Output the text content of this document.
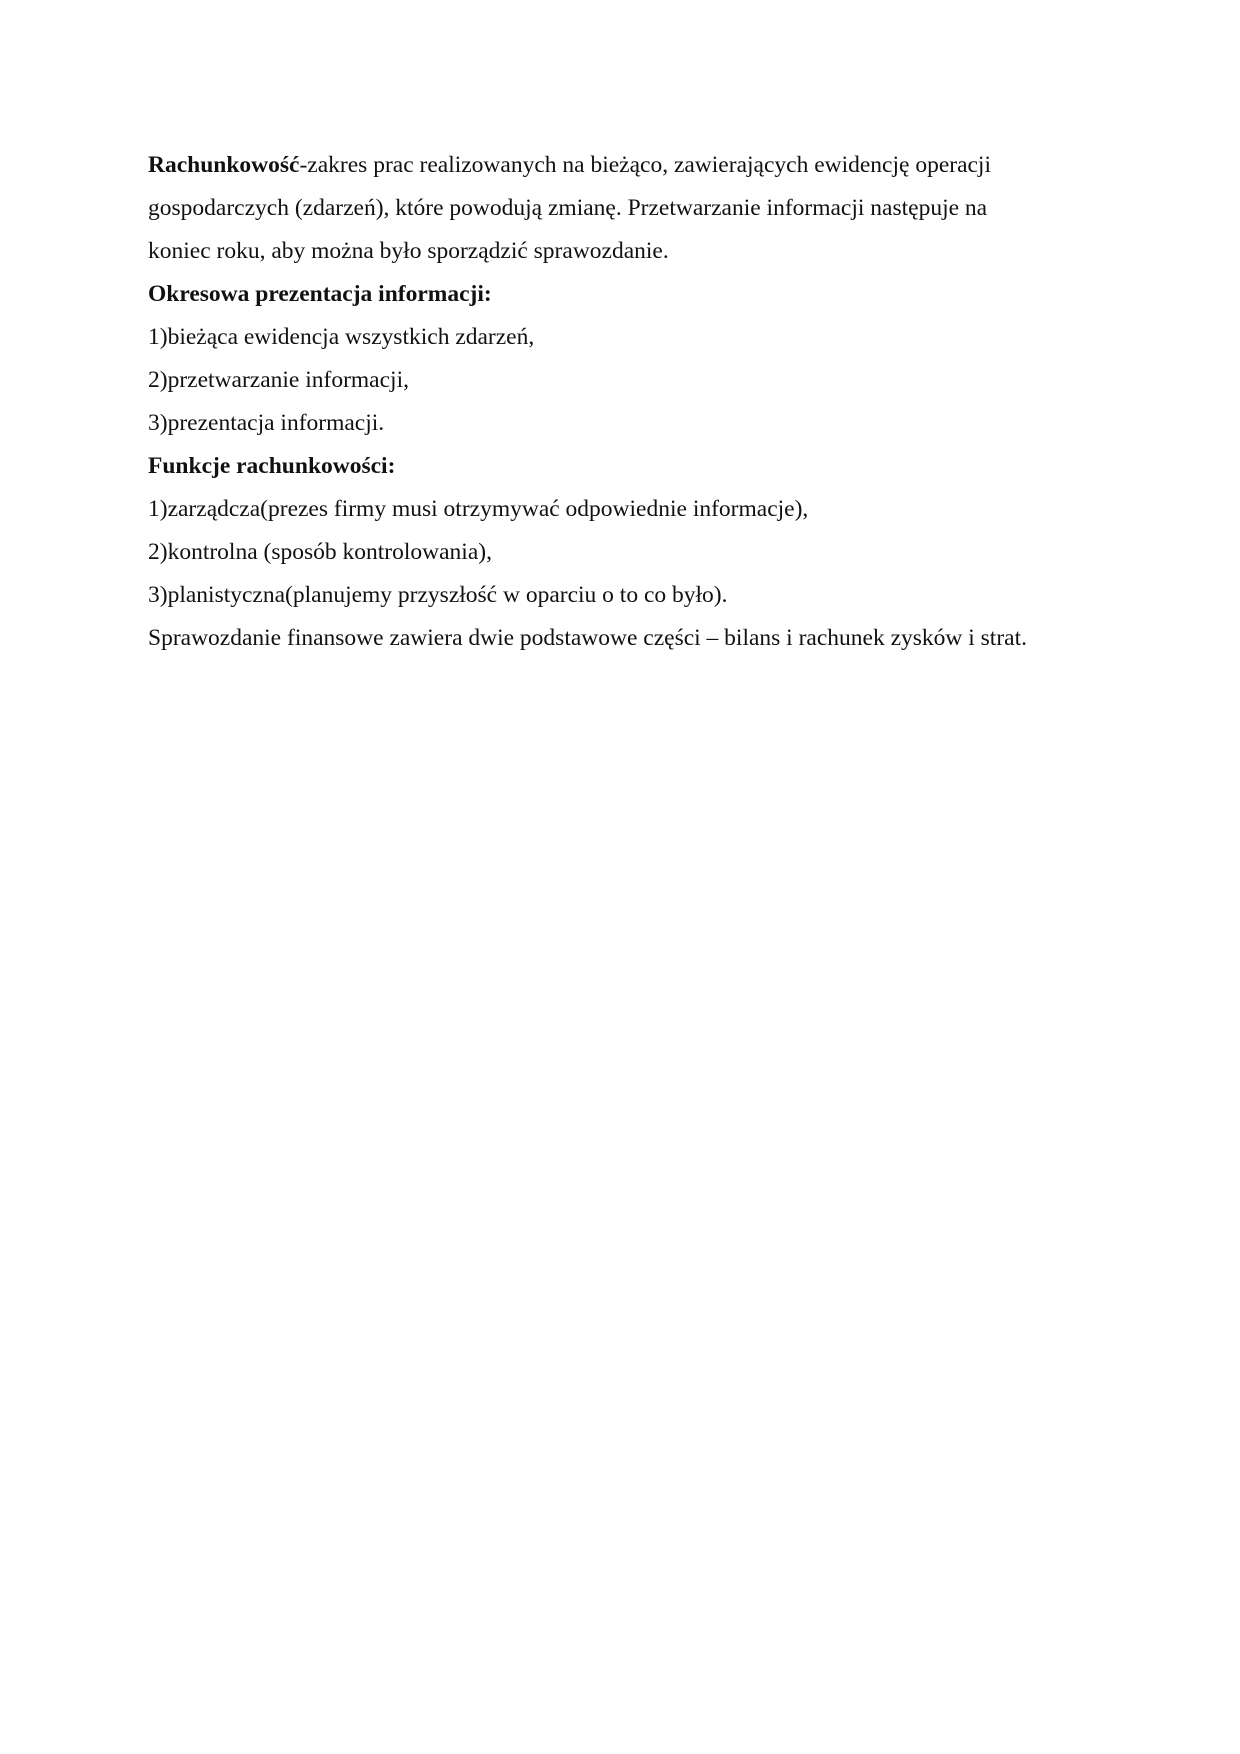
Rachunkowość-zakres prac realizowanych na bieżąco, zawierających ewidencję operacji
gospodarczych (zdarzeń), które powodują zmianę. Przetwarzanie informacji następuje na
koniec roku, aby można było sporządzić sprawozdanie.
Okresowa prezentacja informacji:
1)bieżąca ewidencja wszystkich zdarzeń,
2)przetwarzanie informacji,
3)prezentacja informacji.
Funkcje rachunkowości:
1)zarządcza(prezes firmy musi otrzymywać odpowiednie informacje),
2)kontrolna (sposób kontrolowania),
3)planistyczna(planujemy przyszłość w oparciu o to co było).
Sprawozdanie finansowe zawiera dwie podstawowe części – bilans i rachunek zysków i strat.
